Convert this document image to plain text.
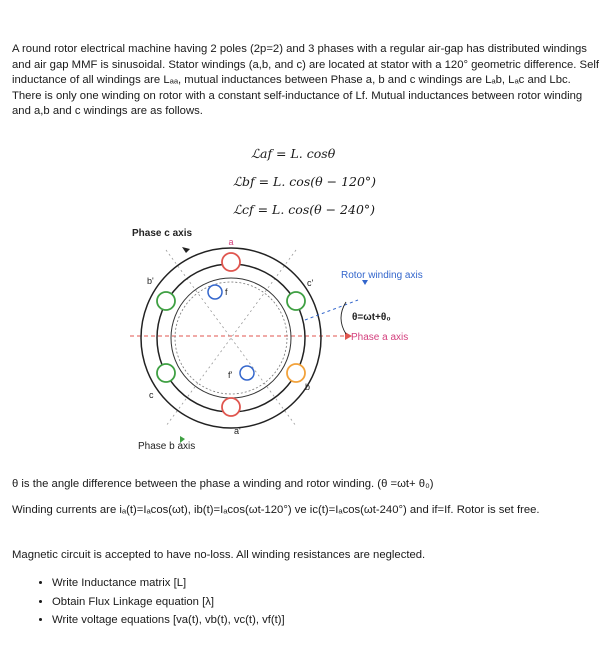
A round rotor electrical machine having 2 poles (2p=2) and 3 phases with a regular air-gap has distributed windings and air gap MMF is sinusoidal. Stator windings (a,b, and c) are located at stator with a 120° geometric difference. Self inductance of all windings are Lₐₐ, mutual inductances between Phase a, b and c windings are Lₐb, Lₐc and Lbc. There is only one winding on rotor with a constant self-inductance of Lf. Mutual inductances between rotor winding and a,b and c windings are as follows.

ℒaf = L. cosθ
ℒbf = L. cos(θ − 120°)
ℒcf = L. cos(θ − 240°)
a
a'
b
b'
c
c'
f
f'
Phase c axis
Phase b axis
Phase a axis
Rotor winding axis
θ=ωt+θ₀

θ is the angle difference between the phase a winding and rotor winding. (θ =ωt+ θ₀)

Winding currents are iₐ(t)=Iₐcos(ωt), ib(t)=Iₐcos(ωt-120°) ve ic(t)=Iₐcos(ωt-240°) and if=If. Rotor is set free.

Magnetic circuit is accepted to have no-loss. All winding resistances are neglected.

• Write Inductance matrix [L]
• Obtain Flux Linkage equation [λ]
• Write voltage equations [va(t), vb(t), vc(t), vf(t)]
